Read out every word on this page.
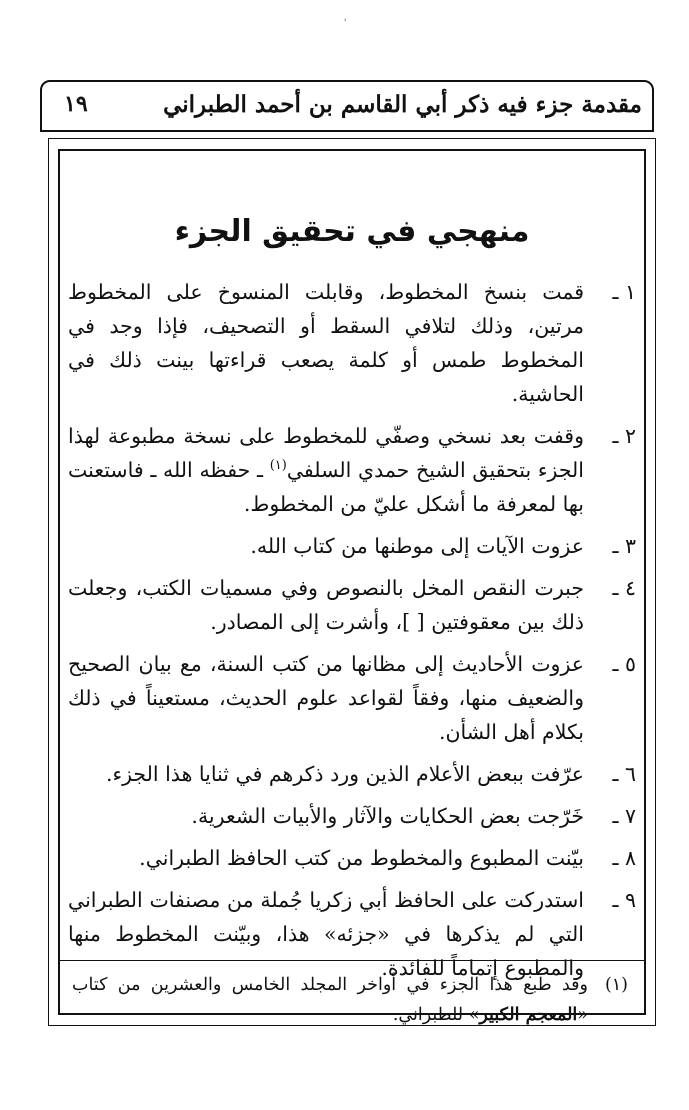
مقدمة جزء فيه ذكر أبي القاسم بن أحمد الطبراني
١٩
ʾ
منهجي في تحقيق الجزء
١ ـ
قمت بنسخ المخطوط، وقابلت المنسوخ على المخطوط مرتين، وذلك لتلافي السقط أو التصحيف، فإذا وجد في المخطوط طمس أو كلمة يصعب قراءتها بينت ذلك في الحاشية.
٢ ـ
وقفت بعد نسخي وصفّي للمخطوط على نسخة مطبوعة لهذا الجزء بتحقيق الشيخ حمدي السلفي$^{(١)}$ ـ حفظه الله ـ فاستعنت بها لمعرفة ما أشكل عليّ من المخطوط.
٣ ـ
عزوت الآيات إلى موطنها من كتاب الله.
٤ ـ
جبرت النقص المخل بالنصوص وفي مسميات الكتب، وجعلت ذلك بين معقوفتين [ ]، وأشرت إلى المصادر.
٥ ـ
عزوت الأحاديث إلى مظانها من كتب السنة، مع بيان الصحيح والضعيف منها، وفقاً لقواعد علوم الحديث، مستعيناً في ذلك بكلام أهل الشأن.
٦ ـ
عرّفت ببعض الأعلام الذين ورد ذكرهم في ثنايا هذا الجزء.
٧ ـ
خَرّجت بعض الحكايات والآثار والأبيات الشعرية.
٨ ـ
بيّنت المطبوع والمخطوط من كتب الحافظ الطبراني.
٩ ـ
استدركت على الحافظ أبي زكريا جُملة من مصنفات الطبراني التي لم يذكرها في «جزئه» هذا، وبيّنت المخطوط منها والمطبوع إتماماً للفائدة.
(١)
وقد طبع هذا الجزء في أواخر المجلد الخامس والعشرين من كتاب «المعجم الكبير» للطبراني.
